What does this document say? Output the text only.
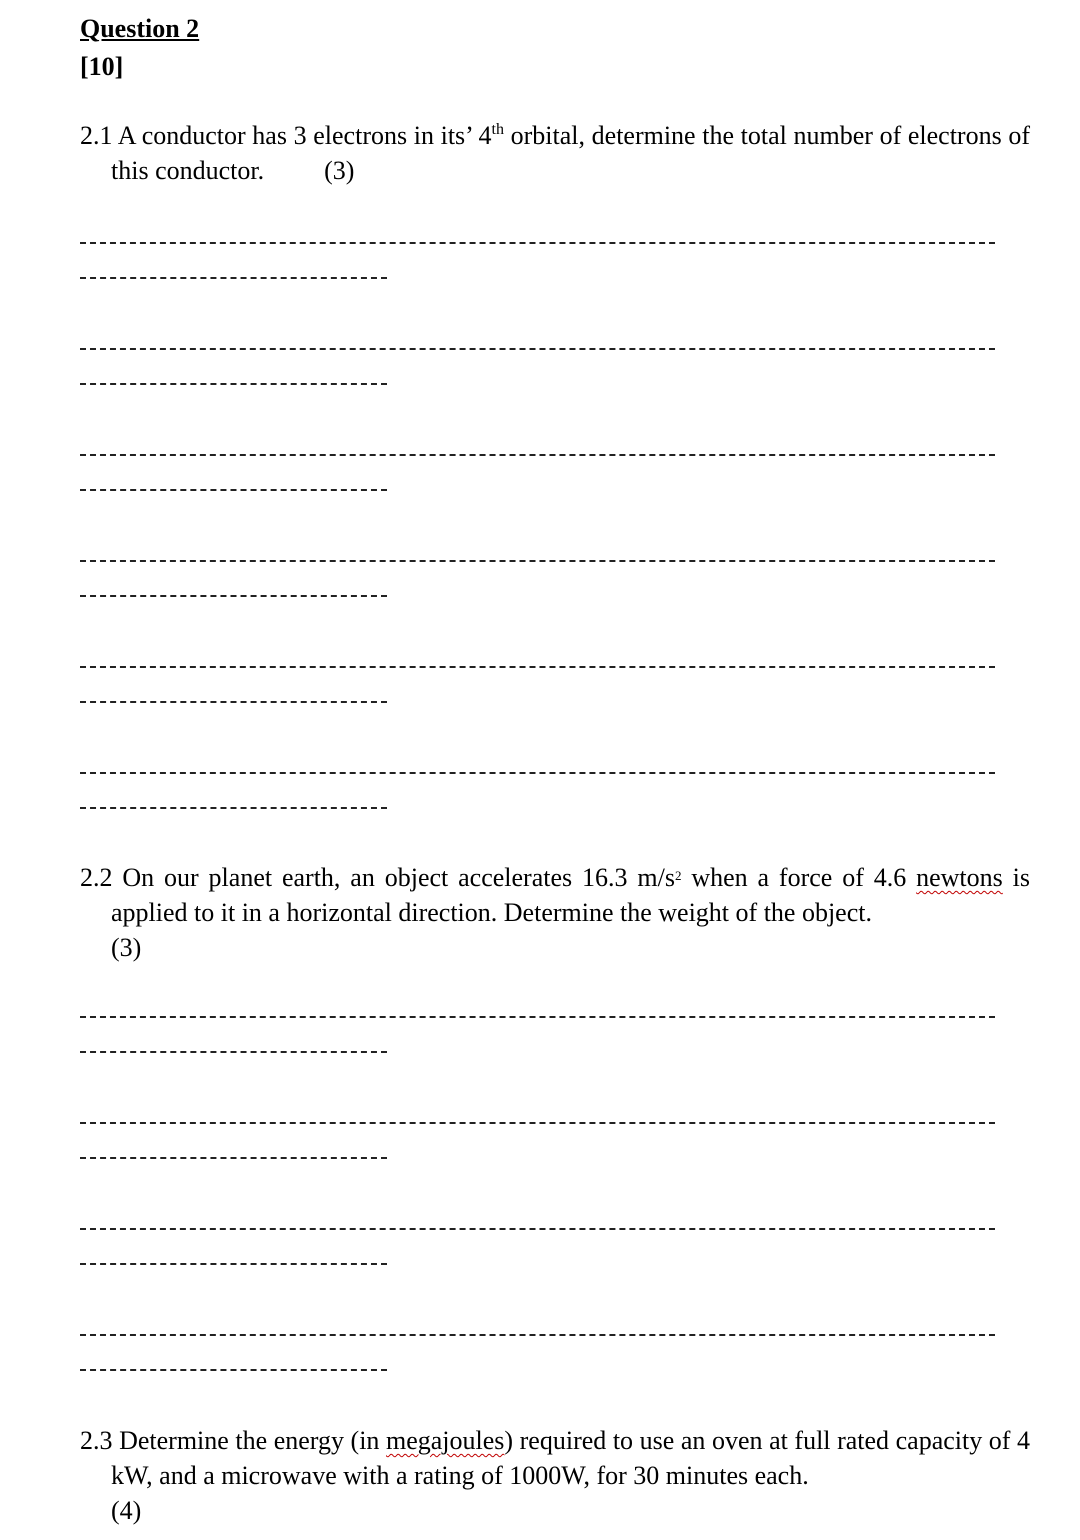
Question 2
[10]
2.1 A conductor has 3 electrons in its’ 4th orbital, determine the total number of electrons of this conductor. (3)
2.2 On our planet earth, an object accelerates 16.3 $m/s^2$ when a force of 4.6 newtons is applied to it in a horizontal direction. Determine the weight of the object.
(3)
2.3 Determine the energy (in megajoules) required to use an oven at full rated capacity of 4 kW, and a microwave with a rating of 1000W, for 30 minutes each.
(4)
